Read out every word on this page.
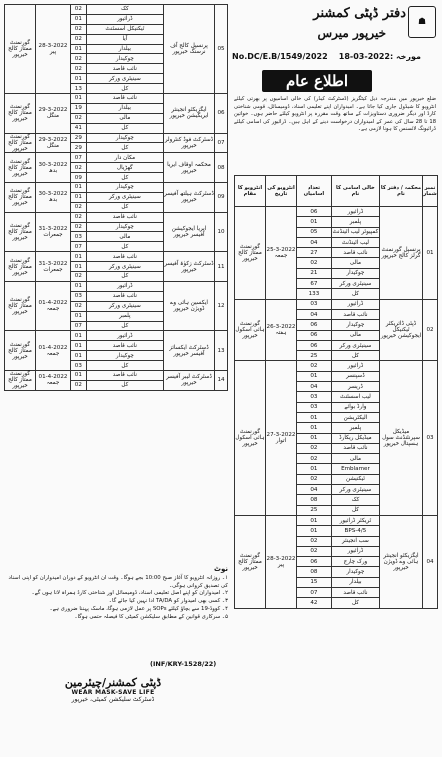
☗
دفتر ڈپٹی کمشنر
خیرپور میرس
No.DC/E.B/1549/2022 18-03-2022: مورخہ
اطلاع عام
ضلع خیرپور میں مندرجہ ذیل کیٹگریز (ڈسٹرکٹ کیڈر) کی خالی اسامیوں پر بھرتی کیلئے انٹرویو کا شیڈول جاری کیا جاتا ہے۔ امیدواران اپنے تعلیمی اسناد، ڈومیسائل، قومی شناختی کارڈ اور دیگر ضروری دستاویزات کے ساتھ وقت مقررہ پر انٹرویو کیلئے حاضر ہوں۔ خواتین 18 تا 28 سال کی عمر کے امیدواران درخواست دینے کے اہل ہیں۔ ڈرائیور کی اسامی کیلئے ڈرائیونگ لائسنس کا ہونا لازمی ہے۔
انٹرویو کا مقام	انٹرویو کی تاریخ	تعداد اسامیاں	خالی اسامی کا نام	محکمہ / دفتر کا نام	نمبر شمار
گورنمنٹ ممتاز کالج خیرپور	25-3-2022 جمعہ	06	ڈرائیور	پرنسپل گورنمنٹ گرلز کالج خیرپور	01
		01	پلمبر		
		05	کمپیوٹر لیب اٹینڈنٹ		
		04	لیب اٹینڈنٹ		
		27	نائب قاصد		
		02	مالی		
		21	چوکیدار		
		67	سینیٹری ورکر		
		133	کل		
گورنمنٹ ہائی اسکول خیرپور	26-3-2022 ہفتہ	03	ڈرائیور	ڈپٹی ڈائریکٹر ٹیکنیکل ایجوکیشن خیرپور	02
		04	نائب قاصد		
		06	چوکیدار		
		06	مالی		
		06	سینیٹری ورکر		
		25	کل		
گورنمنٹ ہائی اسکول خیرپور	27-3-2022 اتوار	02	ڈرائیور	میڈیکل سپرنٹنڈنٹ سول ہسپتال خیرپور	03
		01	ڈسپنسر		
		04	ڈریسر		
		03	لیب اسسٹنٹ		
		03	وارڈ بوائے		
		01	الیکٹریشن		
		01	پلمبر		
		01	میڈیکل ریکارڈ		
		02	نائب قاصد		
		02	مالی		
		01	Emblamer		
		02	ٹیکنیشن		
		04	سینیٹری ورکر		
		08	کک		
		25	کل		
گورنمنٹ ممتاز کالج خیرپور	28-3-2022 پیر	01	ٹریکٹر ڈرائیور	ایگزیکٹو انجینئر ہائی وے ڈویژن خیرپور	04
		01	BPS-4/5		
		02	سب انجینئر		
		02	ڈرائیور		
		06	ورک چارج		
		08	چوکیدار		
		15	بیلدار		
		07	نائب قاصد		
		42	کل		
گورنمنٹ ممتاز کالج خیرپور	28-3-2022 پیر	02	کک	پرنسپل کالج آف نرسنگ خیرپور	05
		01	ڈرائیور		
		02	ٹیکنیکل اسسٹنٹ		
		02	آیا		
		01	بیلدار		
		02	چوکیدار		
		02	نائب قاصد		
		01	سینیٹری ورکر		
		13	کل		
گورنمنٹ ممتاز کالج خیرپور	29-3-2022 منگل	01	نائب قاصد	ایگزیکٹو انجینئر ایریگیشن خیرپور	06
		19	بیلدار		
		02	مالی		
		41	کل		
گورنمنٹ ممتاز کالج خیرپور	29-3-2022 منگل	29	چوکیدار	ڈسٹرکٹ فوڈ کنٹرولر خیرپور	07
		29	کل		
گورنمنٹ ممتاز کالج خیرپور	30-3-2022 بدھ	07	مکان دار	محکمہ اوقاف ایریا خیرپور	08
		02	گھڑیال		
		09	کل		
گورنمنٹ ممتاز کالج خیرپور	30-3-2022 بدھ	01	چوکیدار	ڈسٹرکٹ ہیلتھ آفیسر خیرپور	09
		01	سینیٹری ورکر		
		02	کل		
گورنمنٹ ممتاز کالج خیرپور	31-3-2022 جمعرات	02	نائب قاصد	ایریا ایجوکیشن آفیسر خیرپور	10
		02	چوکیدار		
		03	مالی		
		07	کل		
گورنمنٹ ممتاز کالج خیرپور	31-3-2022 جمعرات	01	نائب قاصد	ڈسٹرکٹ زکوٰۃ آفیسر خیرپور	11
		01	سینیٹری ورکر		
		02	کل		
گورنمنٹ ممتاز کالج خیرپور	01-4-2022 جمعہ	01	ڈرائیور	ایکسین ہائی وے ڈویژن خیرپور	12
		03	نائب قاصد		
		02	سینیٹری ورکر		
		01	پلمبر		
		07	کل		
گورنمنٹ ممتاز کالج خیرپور	01-4-2022 جمعہ	01	ڈرائیور	ڈسٹرکٹ ایکسائز آفیسر خیرپور	13
		01	نائب قاصد		
		01	چوکیدار		
		03	کل		
گورنمنٹ ممتاز کالج خیرپور	01-4-2022 جمعہ	01	نائب قاصد	ڈسٹرکٹ لیبر آفیسر خیرپور	14
		02	کل		
نوٹ
۱۔ روزانہ انٹرویو کا آغاز صبح 10:00 بجے ہوگا۔ وقت ان انٹرویو کے دوران امیدواران کو اپنی اسناد کی تصدیق کروانی ہوگی۔
۲۔ امیدواران کو اپنے اصل تعلیمی اسناد، ڈومیسائل اور شناختی کارڈ ہمراہ لانا ہوں گے۔
۳۔ کسی بھی امیدوار کو TA/DA ادا نہیں کیا جائے گا۔
۴۔ کووڈ-19 سے بچاؤ کیلئے SOPs پر عمل لازمی ہوگا، ماسک پہننا ضروری ہے۔
۵۔ سرکاری قوانین کے مطابق سلیکشن کمیٹی کا فیصلہ حتمی ہوگا۔
(INF/KRY-1528/22)
ڈپٹی کمشنر/چیئرمین
WEAR MASK-SAVE LIFE
ڈسٹرکٹ سلیکشن کمیٹی، خیرپور
